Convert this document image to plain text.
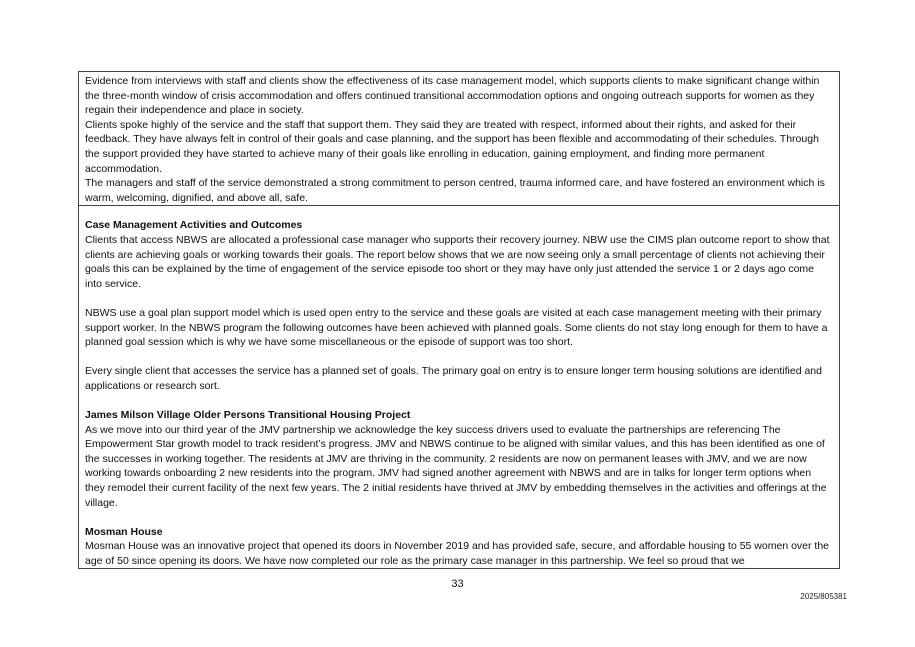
Evidence from interviews with staff and clients show the effectiveness of its case management model, which supports clients to make significant change within the three-month window of crisis accommodation and offers continued transitional accommodation options and ongoing outreach supports for women as they regain their independence and place in society.

Clients spoke highly of the service and the staff that support them. They said they are treated with respect, informed about their rights, and asked for their feedback. They have always felt in control of their goals and case planning, and the support has been flexible and accommodating of their schedules. Through the support provided they have started to achieve many of their goals like enrolling in education, gaining employment, and finding more permanent accommodation.

The managers and staff of the service demonstrated a strong commitment to person centred, trauma informed care, and have fostered an environment which is warm, welcoming, dignified, and above all, safe.

Case Management Activities and Outcomes

Clients that access NBWS are allocated a professional case manager who supports their recovery journey. NBW use the CIMS plan outcome report to show that clients are achieving goals or working towards their goals. The report below shows that we are now seeing only a small percentage of clients not achieving their goals this can be explained by the time of engagement of the service episode too short or they may have only just attended the service 1 or 2 days ago come into service.

NBWS use a goal plan support model which is used open entry to the service and these goals are visited at each case management meeting with their primary support worker. In the NBWS program the following outcomes have been achieved with planned goals. Some clients do not stay long enough for them to have a planned goal session which is why we have some miscellaneous or the episode of support was too short.

Every single client that accesses the service has a planned set of goals. The primary goal on entry is to ensure longer term housing solutions are identified and applications or research sort.

James Milson Village Older Persons Transitional Housing Project

As we move into our third year of the JMV partnership we acknowledge the key success drivers used to evaluate the partnerships are referencing The Empowerment Star growth model to track resident’s progress. JMV and NBWS continue to be aligned with similar values, and this has been identified as one of the successes in working together. The residents at JMV are thriving in the community. 2 residents are now on permanent leases with JMV, and we are now working towards onboarding 2 new residents into the program. JMV had signed another agreement with NBWS and are in talks for longer term options when they remodel their current facility of the next few years. The 2 initial residents have thrived at JMV by embedding themselves in the activities and offerings at the village.

Mosman House

Mosman House was an innovative project that opened its doors in November 2019 and has provided safe, secure, and affordable housing to 55 women over the age of 50 since opening its doors. We have now completed our role as the primary case manager in this partnership. We feel so proud that we

33
2025/805381
